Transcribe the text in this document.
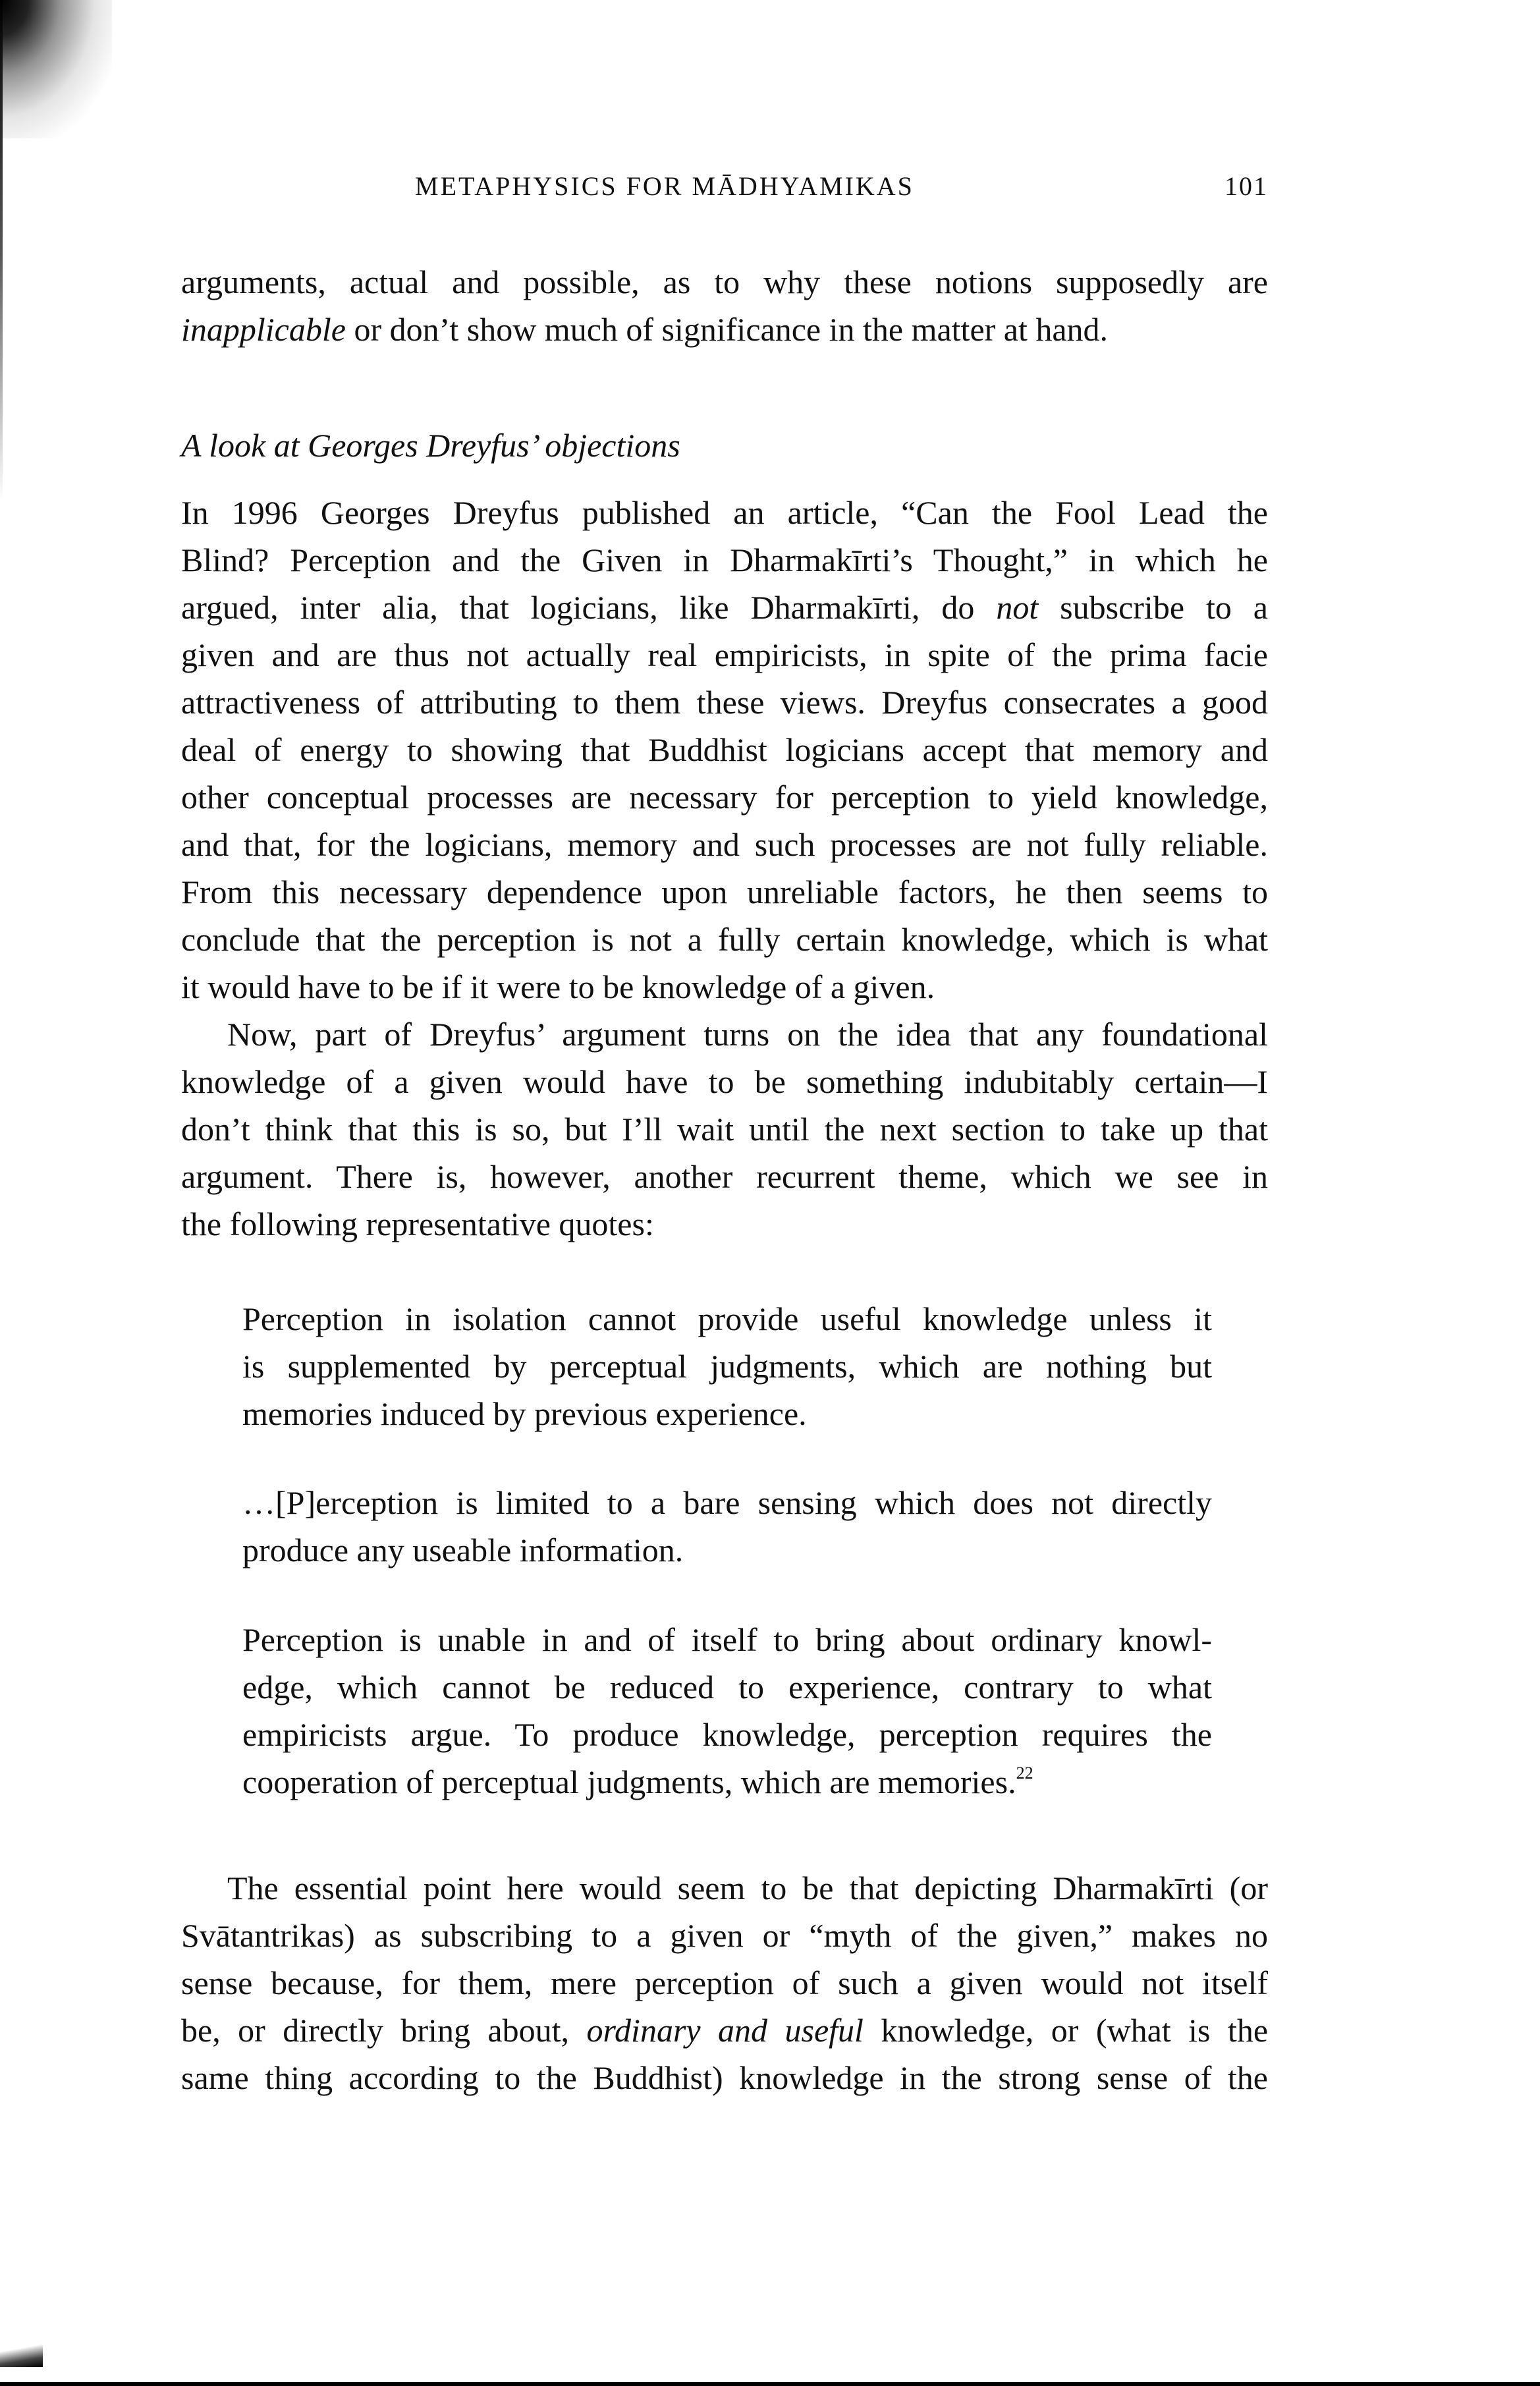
METAPHYSICS FOR MĀDHYAMIKAS	101
arguments, actual and possible, as to why these notions supposedly are
inapplicable or don’t show much of significance in the matter at hand.
A look at Georges Dreyfus’ objections
In 1996 Georges Dreyfus published an article, “Can the Fool Lead the
Blind? Perception and the Given in Dharmakīrti’s Thought,” in which he
argued, inter alia, that logicians, like Dharmakīrti, do not subscribe to a
given and are thus not actually real empiricists, in spite of the prima facie
attractiveness of attributing to them these views. Dreyfus consecrates a good
deal of energy to showing that Buddhist logicians accept that memory and
other conceptual processes are necessary for perception to yield knowledge,
and that, for the logicians, memory and such processes are not fully reliable.
From this necessary dependence upon unreliable factors, he then seems to
conclude that the perception is not a fully certain knowledge, which is what
it would have to be if it were to be knowledge of a given.
Now, part of Dreyfus’ argument turns on the idea that any foundational
knowledge of a given would have to be something indubitably certain—I
don’t think that this is so, but I’ll wait until the next section to take up that
argument. There is, however, another recurrent theme, which we see in
the following representative quotes:
Perception in isolation cannot provide useful knowledge unless it
is supplemented by perceptual judgments, which are nothing but
memories induced by previous experience.
…[P]erception is limited to a bare sensing which does not directly
produce any useable information.
Perception is unable in and of itself to bring about ordinary knowl-
edge, which cannot be reduced to experience, contrary to what
empiricists argue. To produce knowledge, perception requires the
cooperation of perceptual judgments, which are memories.$^{22}$
The essential point here would seem to be that depicting Dharmakīrti (or
Svātantrikas) as subscribing to a given or “myth of the given,” makes no
sense because, for them, mere perception of such a given would not itself
be, or directly bring about, ordinary and useful knowledge, or (what is the
same thing according to the Buddhist) knowledge in the strong sense of the
